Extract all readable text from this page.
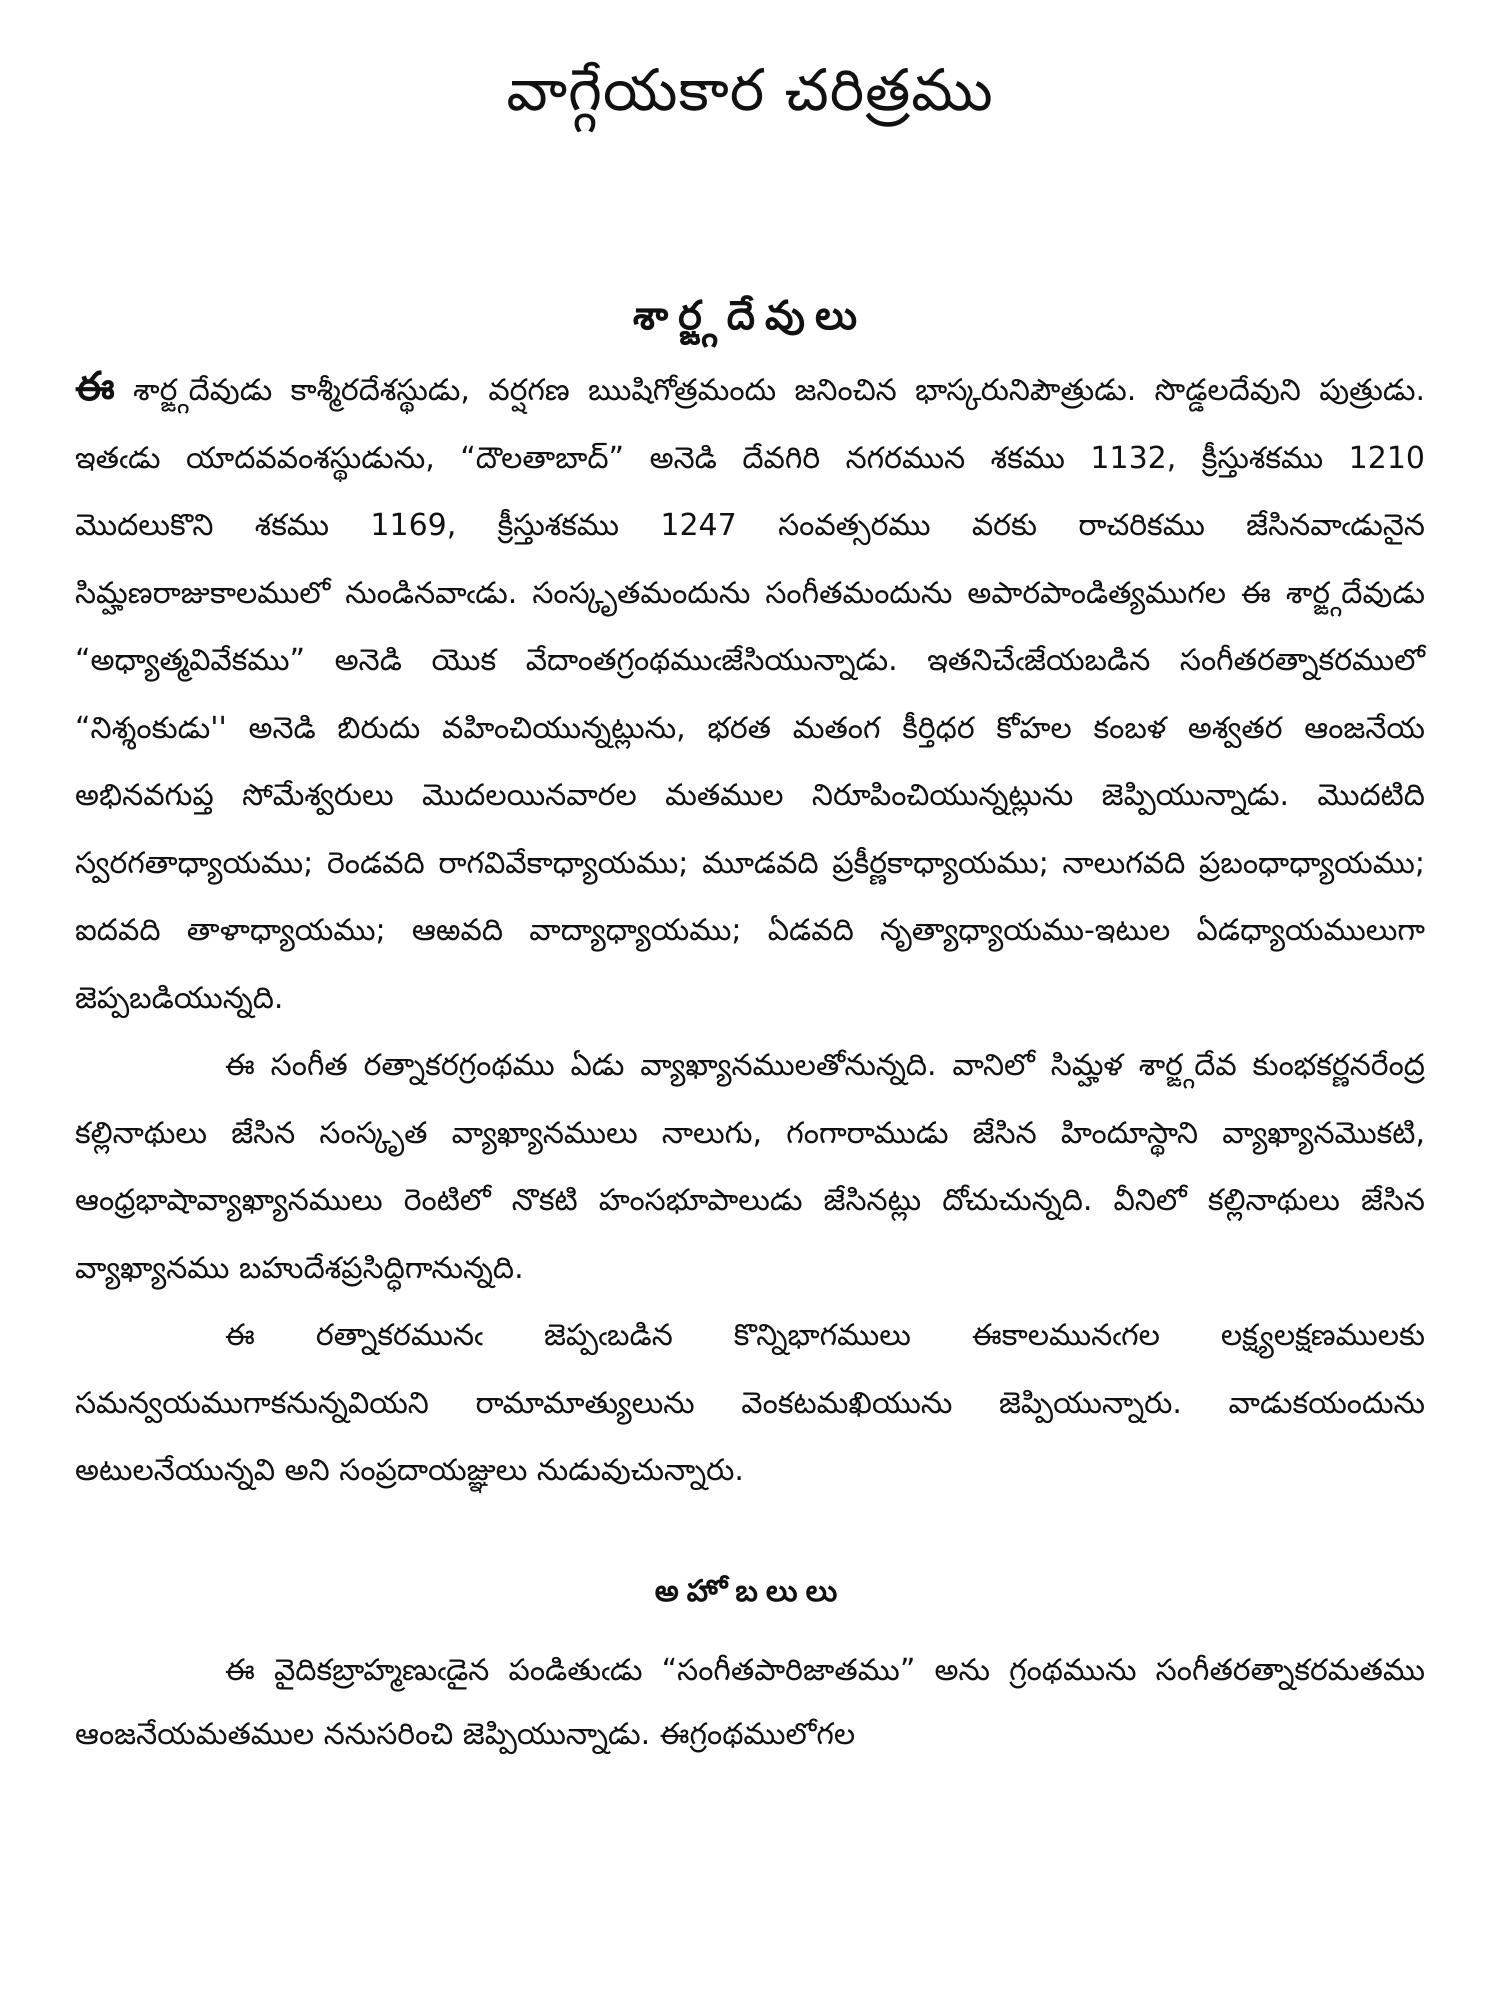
వాగ్గేయకార చరిత్రము
శార్ఙ్గదేవులు

ఈ శార్ఙ్గదేవుడు కాశ్మీరదేశస్థుడు, వర్షగణ ఋషిగోత్రమందు జనించిన భాస్కరునిపౌత్రుడు. సొడ్డలదేవుని పుత్రుడు. ఇతఁడు యాదవవంశస్థుడును, “దౌలతాబాద్” అనెడి దేవగిరి నగరమున శకము 1132, క్రీస్తుశకము 1210 మొదలుకొని శకము 1169, క్రీస్తుశకము 1247 సంవత్సరము వరకు రాచరికము జేసినవాఁడునైన సిమ్హణరాజుకాలములో నుండినవాఁడు. సంస్కృతమందును సంగీతమందును అపారపాండిత్యముగల ఈ శార్ఙ్గదేవుడు “అధ్యాత్మవివేకము” అనెడి యొక వేదాంతగ్రంథముఁజేసియున్నాడు. ఇతనిచేఁజేయబడిన సంగీతరత్నాకరములో “నిశ్శంకుడు'' అనెడి బిరుదు వహించియున్నట్లును, భరత మతంగ కీర్తిధర కోహల కంబళ అశ్వతర ఆంజనేయ అభినవగుప్త సోమేశ్వరులు మొదలయినవారల మతముల నిరూపించియున్నట్లును జెప్పియున్నాడు. మొదటిది స్వరగతాధ్యాయము; రెండవది రాగవివేకాధ్యాయము; మూడవది ప్రకీర్ణకాధ్యాయము; నాలుగవది ప్రబంధాధ్యాయము; ఐదవది తాళాధ్యాయము; ఆఱవది వాద్యాధ్యాయము; ఏడవది నృత్యాధ్యాయము-ఇటుల ఏడధ్యాయములుగా జెప్పబడియున్నది.

ఈ సంగీత రత్నాకరగ్రంథము ఏడు వ్యాఖ్యానములతోనున్నది. వానిలో సిమ్హళ శార్ఙ్గదేవ కుంభకర్ణనరేంద్ర కల్లినాథులు జేసిన సంస్కృత వ్యాఖ్యానములు నాలుగు, గంగారాముడు జేసిన హిందూస్థాని వ్యాఖ్యానమొకటి, ఆంధ్రభాషావ్యాఖ్యానములు రెంటిలో నొకటి హంసభూపాలుడు జేసినట్లు దోచుచున్నది. వీనిలో కల్లినాథులు జేసిన వ్యాఖ్యానము బహుదేశప్రసిద్ధిగానున్నది.

ఈ రత్నాకరమునఁ జెప్పఁబడిన కొన్నిభాగములు ఈకాలమునఁగల లక్ష్యలక్షణములకు సమన్వయముగాకనున్నవియని రామామాత్యులును వెంకటమఖియును జెప్పియున్నారు. వాడుకయందును అటులనేయున్నవి అని సంప్రదాయజ్ఞులు నుడువుచున్నారు.

అహోబలులు

ఈ వైదికబ్రాహ్మణుఁడైన పండితుఁడు “సంగీతపారిజాతము” అను గ్రంథమును సంగీతరత్నాకరమతము ఆంజనేయమతముల ననుసరించి జెప్పియున్నాడు. ఈగ్రంథములోగల
